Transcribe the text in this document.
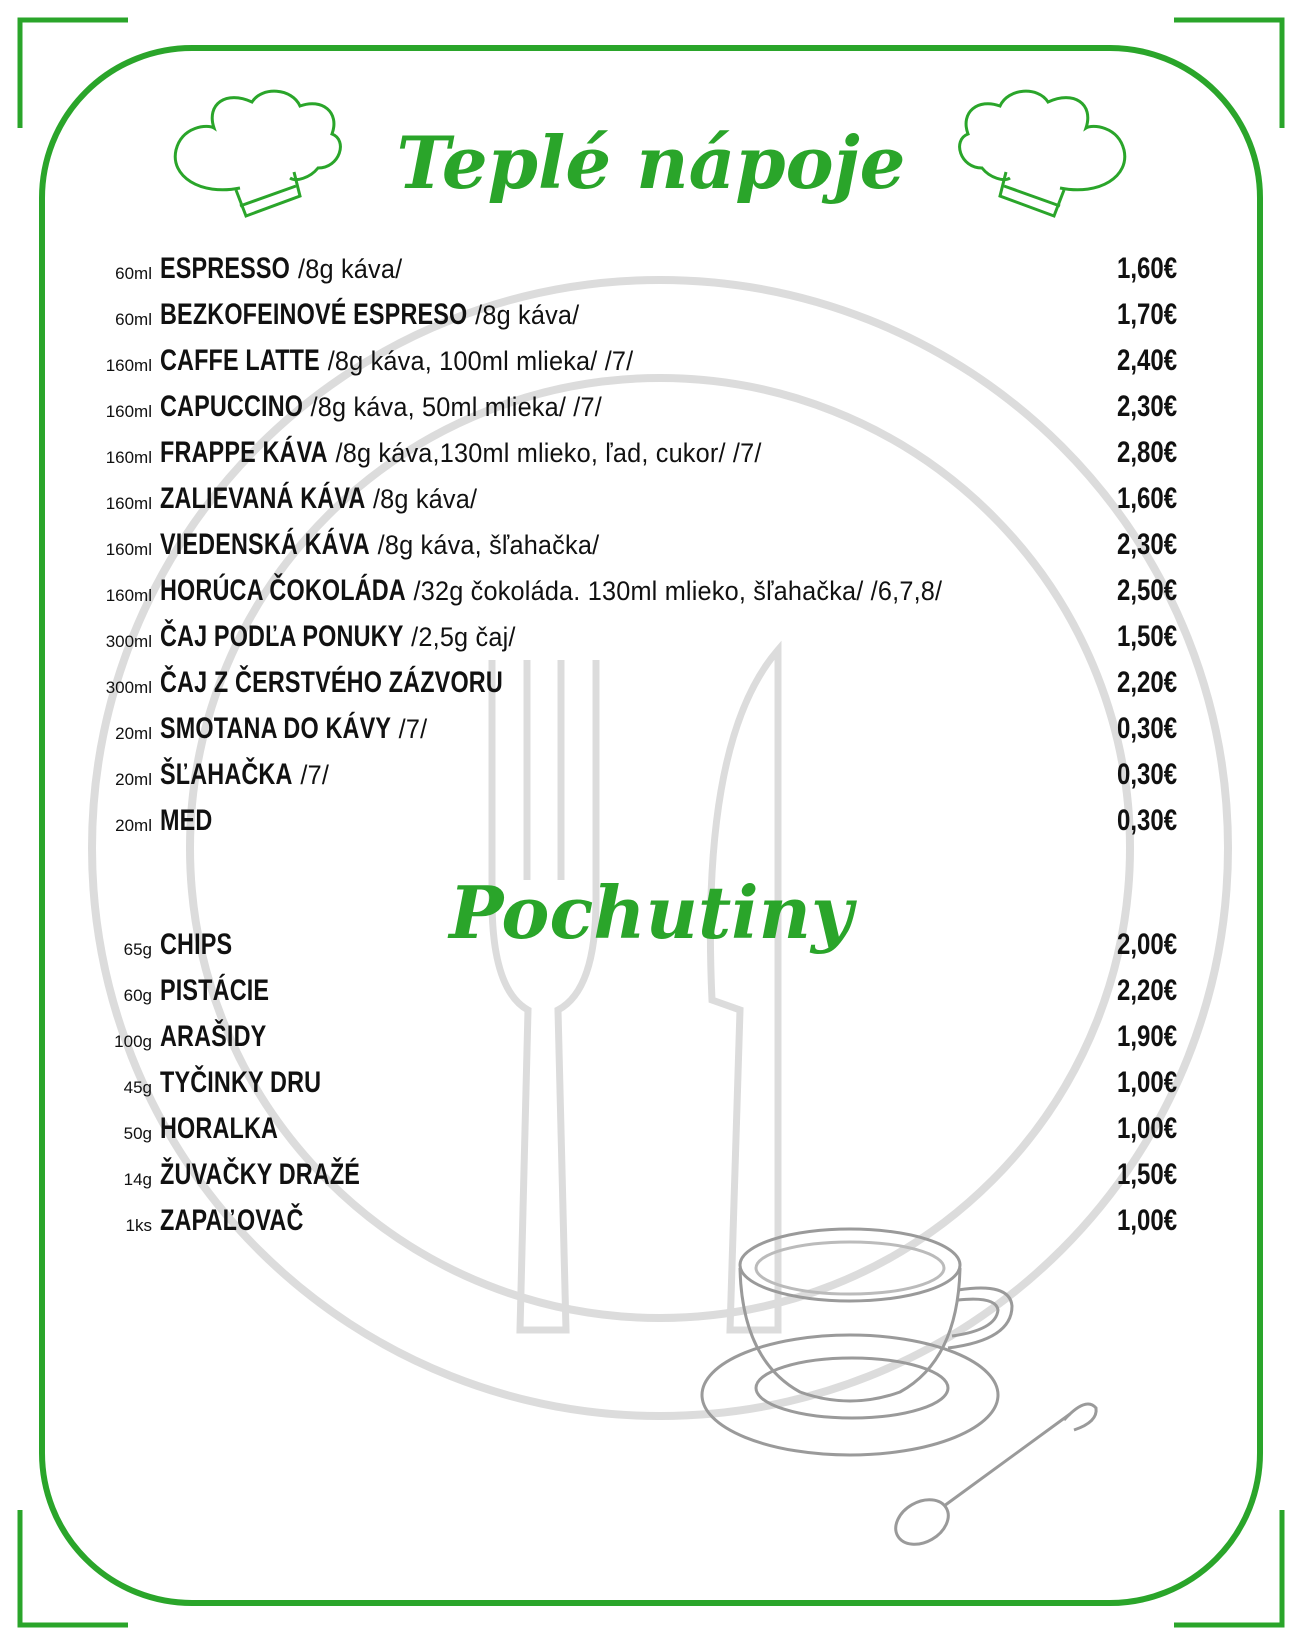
Teplé nápoje
Pochutiny
60ml ESPRESSO /8g káva/	1,60€
60ml BEZKOFEINOVÉ ESPRESO /8g káva/	1,70€
160ml CAFFE LATTE /8g káva, 100ml mlieka/ /7/	2,40€
160ml CAPUCCINO /8g káva, 50ml mlieka/ /7/	2,30€
160ml FRAPPE KÁVA /8g káva,130ml mlieko, ľad, cukor/ /7/	2,80€
160ml ZALIEVANÁ KÁVA /8g káva/	1,60€
160ml VIEDENSKÁ KÁVA /8g káva, šľahačka/	2,30€
160ml HORÚCA ČOKOLÁDA /32g čokoláda. 130ml mlieko, šľahačka/ /6,7,8/	2,50€
300ml ČAJ PODĽA PONUKY /2,5g čaj/	1,50€
300ml ČAJ Z ČERSTVÉHO ZÁZVORU	2,20€
20ml SMOTANA DO KÁVY /7/	0,30€
20ml ŠĽAHAČKA /7/	0,30€
20ml MED	0,30€
65g CHIPS	2,00€
60g PISTÁCIE	2,20€
100g ARAŠIDY	1,90€
45g TYČINKY DRU	1,00€
50g HORALKA	1,00€
14g ŽUVAČKY DRAŽÉ	1,50€
1ks ZAPAĽOVAČ	1,00€
